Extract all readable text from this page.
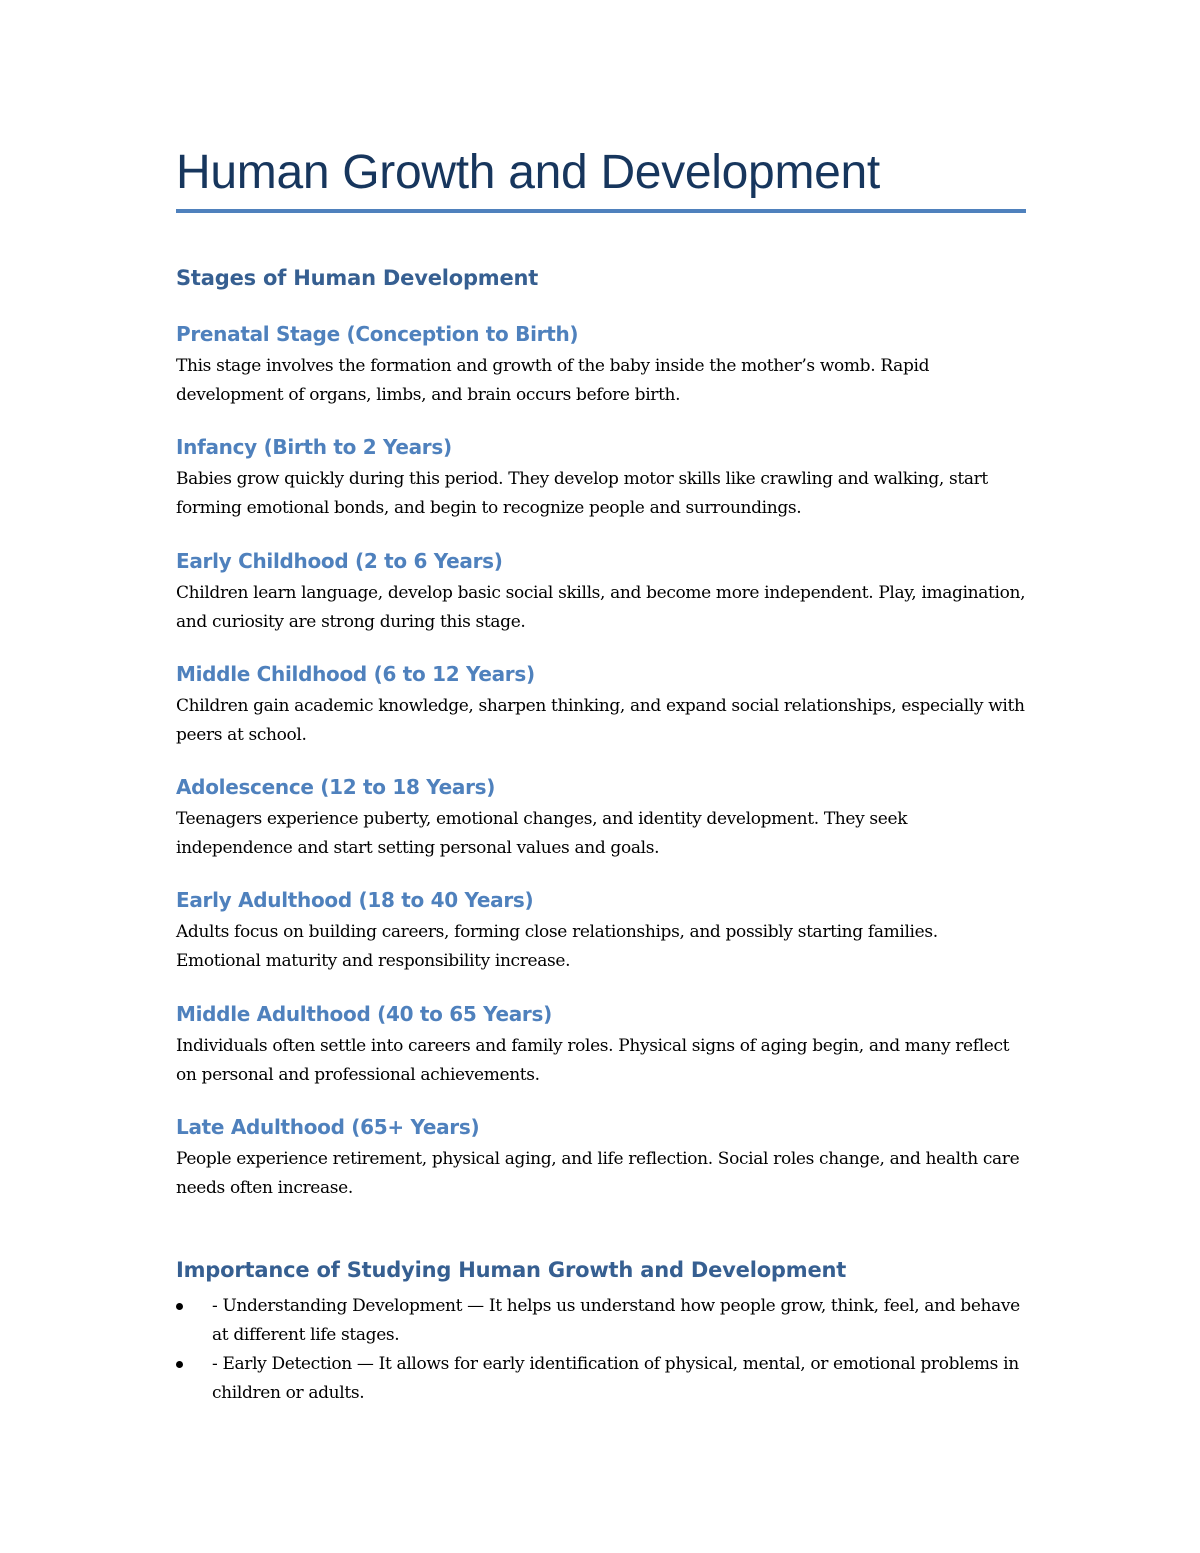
Human Growth and Development
Stages of Human Development
Prenatal Stage (Conception to Birth)

This stage involves the formation and growth of the baby inside the mother’s womb. Rapid development of organs, limbs, and brain occurs before birth.

Infancy (Birth to 2 Years)

Babies grow quickly during this period. They develop motor skills like crawling and walking, start forming emotional bonds, and begin to recognize people and surroundings.

Early Childhood (2 to 6 Years)

Children learn language, develop basic social skills, and become more independent. Play, imagination, and curiosity are strong during this stage.

Middle Childhood (6 to 12 Years)

Children gain academic knowledge, sharpen thinking, and expand social relationships, especially with peers at school.

Adolescence (12 to 18 Years)

Teenagers experience puberty, emotional changes, and identity development. They seek independence and start setting personal values and goals.

Early Adulthood (18 to 40 Years)

Adults focus on building careers, forming close relationships, and possibly starting families. Emotional maturity and responsibility increase.

Middle Adulthood (40 to 65 Years)

Individuals often settle into careers and family roles. Physical signs of aging begin, and many reflect on personal and professional achievements.

Late Adulthood (65+ Years)

People experience retirement, physical aging, and life reflection. Social roles change, and health care needs often increase.

Importance of Studying Human Growth and Development
- Understanding Development — It helps us understand how people grow, think, feel, and behave at different life stages.
- Early Detection — It allows for early identification of physical, mental, or emotional problems in children or adults.
